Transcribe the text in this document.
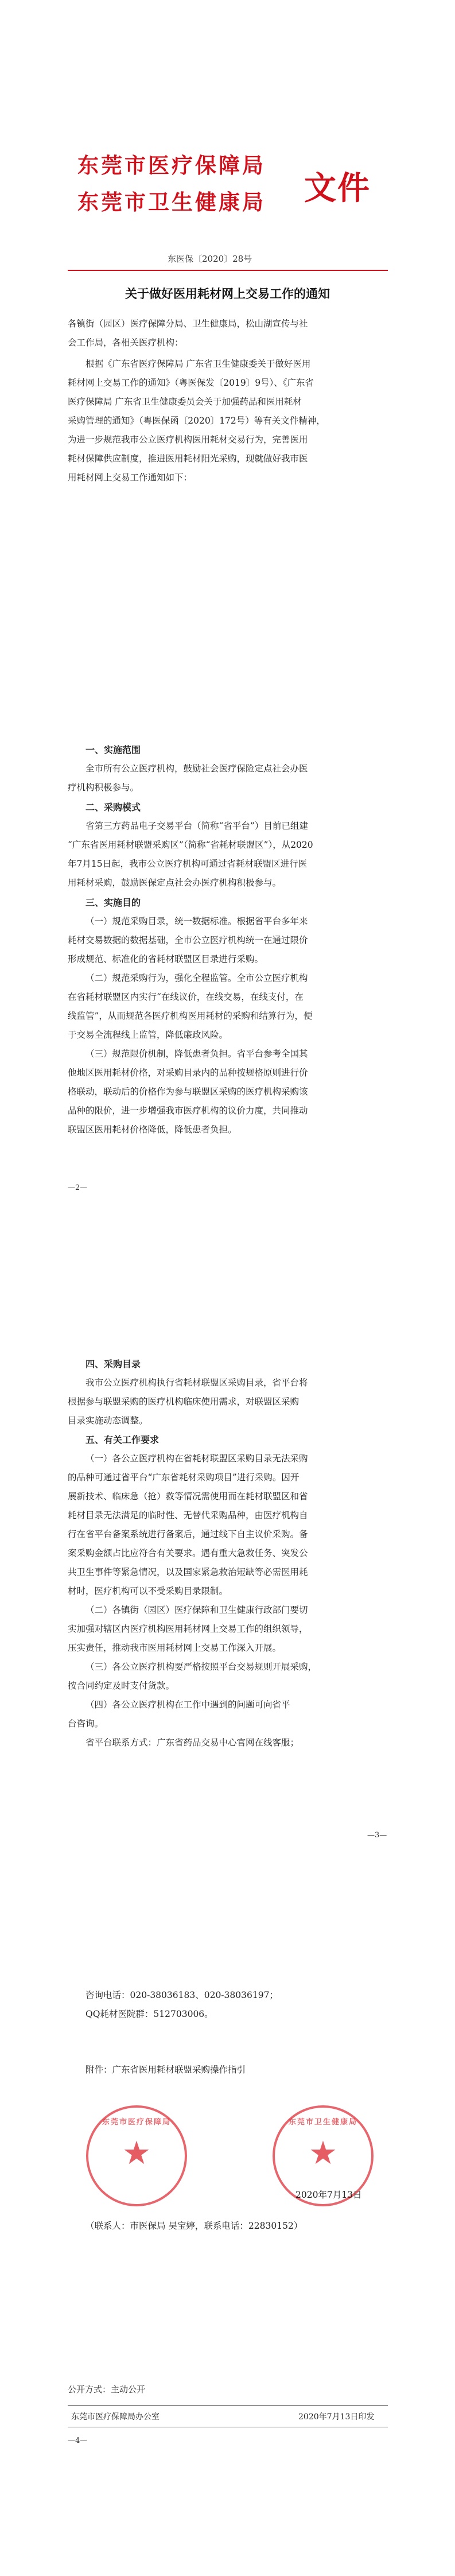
东莞市医疗保障局
东莞市卫生健康局 文件
东医保〔2020〕28号
关于做好医用耗材网上交易工作的通知
各镇街（园区）医疗保障分局、卫生健康局，松山湖宣传与社
会工作局，各相关医疗机构：
根据《广东省医疗保障局 广东省卫生健康委关于做好医用
耗材网上交易工作的通知》（粤医保发〔2019〕9号）、《广东省
医疗保障局 广东省卫生健康委员会关于加强药品和医用耗材
采购管理的通知》（粤医保函〔2020〕172号）等有关文件精神，
为进一步规范我市公立医疗机构医用耗材交易行为，完善医用
耗材保障供应制度，推进医用耗材阳光采购，现就做好我市医
用耗材网上交易工作通知如下：
一、实施范围
全市所有公立医疗机构，鼓励社会医疗保险定点社会办医
疗机构积极参与。
二、采购模式
省第三方药品电子交易平台（简称“省平台”）目前已组建
“广东省医用耗材联盟采购区”（简称“省耗材联盟区”），从2020
年7月15日起，我市公立医疗机构可通过省耗材联盟区进行医
用耗材采购，鼓励医保定点社会办医疗机构积极参与。
三、实施目的
（一）规范采购目录，统一数据标准。根据省平台多年来
耗材交易数据的数据基础，全市公立医疗机构统一在通过限价
形成规范、标准化的省耗材联盟区目录进行采购。
（二）规范采购行为，强化全程监管。全市公立医疗机构
在省耗材联盟区内实行“在线议价，在线交易，在线支付，在
线监管”，从而规范各医疗机构医用耗材的采购和结算行为，便
于交易全流程线上监管，降低廉政风险。
（三）规范限价机制，降低患者负担。省平台参考全国其
他地区医用耗材价格，对采购目录内的品种按规格原则进行价
格联动，联动后的价格作为参与联盟区采购的医疗机构采购该
品种的限价，进一步增强我市医疗机构的议价力度，共同推动
联盟区医用耗材价格降低，降低患者负担。
—2—
四、采购目录
我市公立医疗机构执行省耗材联盟区采购目录，省平台将
根据参与联盟采购的医疗机构临床使用需求，对联盟区采购
目录实施动态调整。
五、有关工作要求
（一）各公立医疗机构在省耗材联盟区采购目录无法采购
的品种可通过省平台“广东省耗材采购项目”进行采购。因开
展新技术、临床急（抢）救等情况需使用而在耗材联盟区和省
耗材目录无法满足的临时性、无替代采购品种，由医疗机构自
行在省平台备案系统进行备案后，通过线下自主议价采购。备
案采购金额占比应符合有关要求。遇有重大急救任务、突发公
共卫生事件等紧急情况，以及国家紧急救治短缺等必需医用耗
材时，医疗机构可以不受采购目录限制。
（二）各镇街（园区）医疗保障和卫生健康行政部门要切
实加强对辖区内医疗机构医用耗材网上交易工作的组织领导，
压实责任，推动我市医用耗材网上交易工作深入开展。
（三）各公立医疗机构要严格按照平台交易规则开展采购，
按合同约定及时支付货款。
（四）各公立医疗机构在工作中遇到的问题可向省平
台咨询。
省平台联系方式：广东省药品交易中心官网在线客服；
—3—
咨询电话：020-38036183、020-38036197；
QQ耗材医院群：512703006。
附件：广东省医用耗材联盟采购操作指引
东莞市医疗保障局
★
东莞市卫生健康局
★
2020年7月13日
（联系人：市医保局 吴宝婷，联系电话：22830152）
公开方式：主动公开
东莞市医疗保障局办公室	2020年7月13日印发
—4—
